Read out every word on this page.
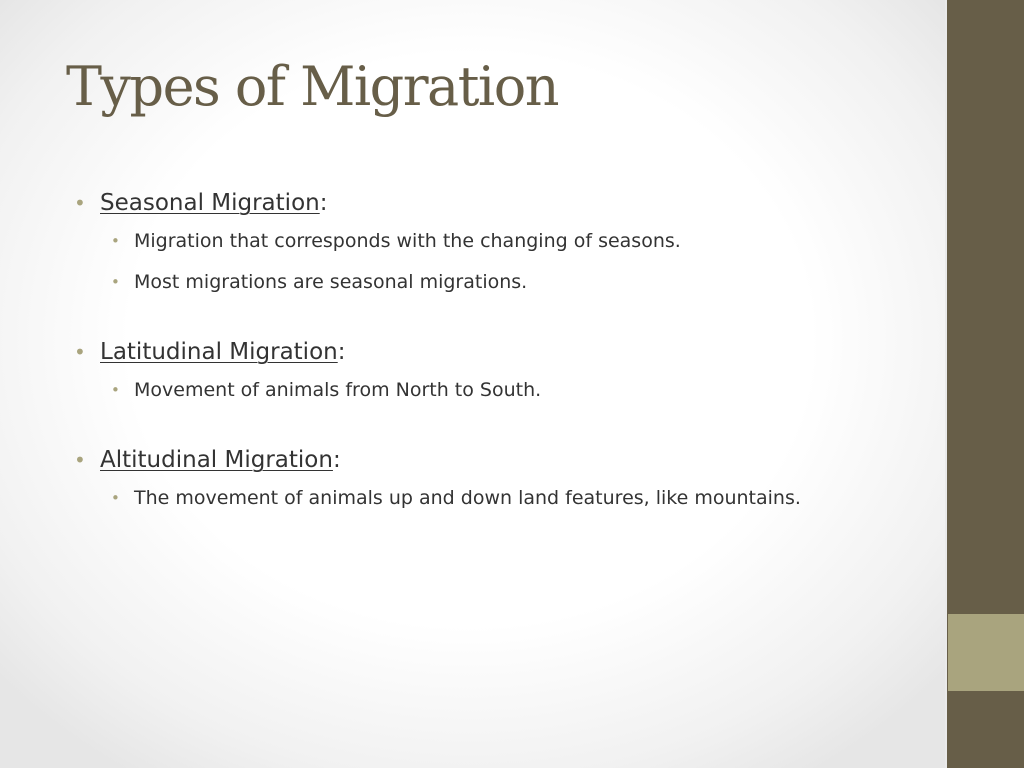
Types of Migration
• Seasonal Migration:
• Migration that corresponds with the changing of seasons.
• Most migrations are seasonal migrations.
• Latitudinal Migration:
• Movement of animals from North to South.
• Altitudinal Migration:
• The movement of animals up and down land features, like mountains.
